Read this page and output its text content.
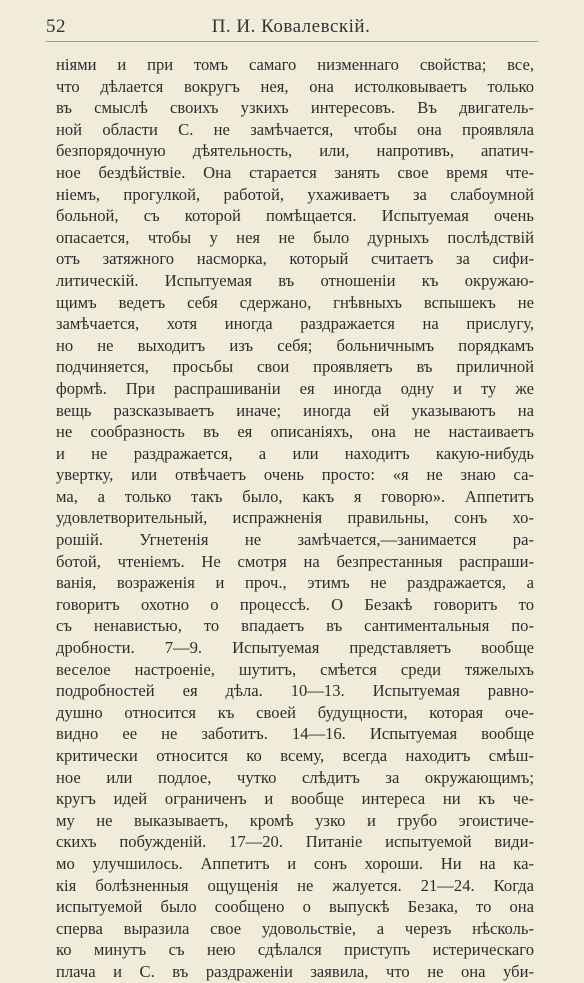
52	П. И. Ковалевскій.
ніями и при томъ самаго низменнаго свойства; все,
что дѣлается вокругъ нея, она истолковываетъ только
въ смыслѣ своихъ узкихъ интересовъ. Въ двигатель-
ной области С. не замѣчается, чтобы она проявляла
безпорядочную дѣятельность, или, напротивъ, апатич-
ное бездѣйствіе. Она старается занять свое время чте-
ніемъ, прогулкой, работой, ухаживаетъ за слабоумной
больной, съ которой помѣщается. Испытуемая очень
опасается, чтобы у нея не было дурныхъ послѣдствій
отъ затяжного насморка, который считаетъ за сифи-
литическій. Испытуемая въ отношеніи къ окружаю-
щимъ ведетъ себя сдержано, гнѣвныхъ вспышекъ не
замѣчается, хотя иногда раздражается на прислугу,
но не выходитъ изъ себя; больничнымъ порядкамъ
подчиняется, просьбы свои проявляетъ въ приличной
формѣ. При распрашиваніи ея иногда одну и ту же
вещь разсказываетъ иначе; иногда ей указываютъ на
не сообразность въ ея описаніяхъ, она не настаиваетъ
и не раздражается, а или находитъ какую-нибудь
увертку, или отвѣчаетъ очень просто: «я не знаю са-
ма, а только такъ было, какъ я говорю». Аппетитъ
удовлетворительный, испражненія правильны, сонъ хо-
рошій. Угнетенія не замѣчается,—занимается ра-
ботой, чтеніемъ. Не смотря на безпрестанныя распраши-
ванія, возраженія и проч., этимъ не раздражается, а
говоритъ охотно о процессѣ. О Безакѣ говоритъ то
съ ненавистью, то впадаетъ въ сантиментальныя по-
дробности. 7—9. Испытуемая представляетъ вообще
веселое настроеніе, шутитъ, смѣется среди тяжелыхъ
подробностей ея дѣла. 10—13. Испытуемая равно-
душно относится къ своей будущности, которая оче-
видно ее не заботитъ. 14—16. Испытуемая вообще
критически относится ко всему, всегда находитъ смѣш-
ное или подлое, чутко слѣдитъ за окружающимъ;
кругъ идей ограниченъ и вообще интереса ни къ че-
му не выказываетъ, кромѣ узко и грубо эгоистиче-
скихъ побужденій. 17—20. Питаніе испытуемой види-
мо улучшилось. Аппетитъ и сонъ хороши. Ни на ка-
кія болѣзненныя ощущенія не жалуется. 21—24. Когда
испытуемой было сообщено о выпускѣ Безака, то она
сперва выразила свое удовольствіе, а черезъ нѣсколь-
ко минутъ съ нею сдѣлался приступъ истерическаго
плача и С. въ раздраженіи заявила, что не она уби-
